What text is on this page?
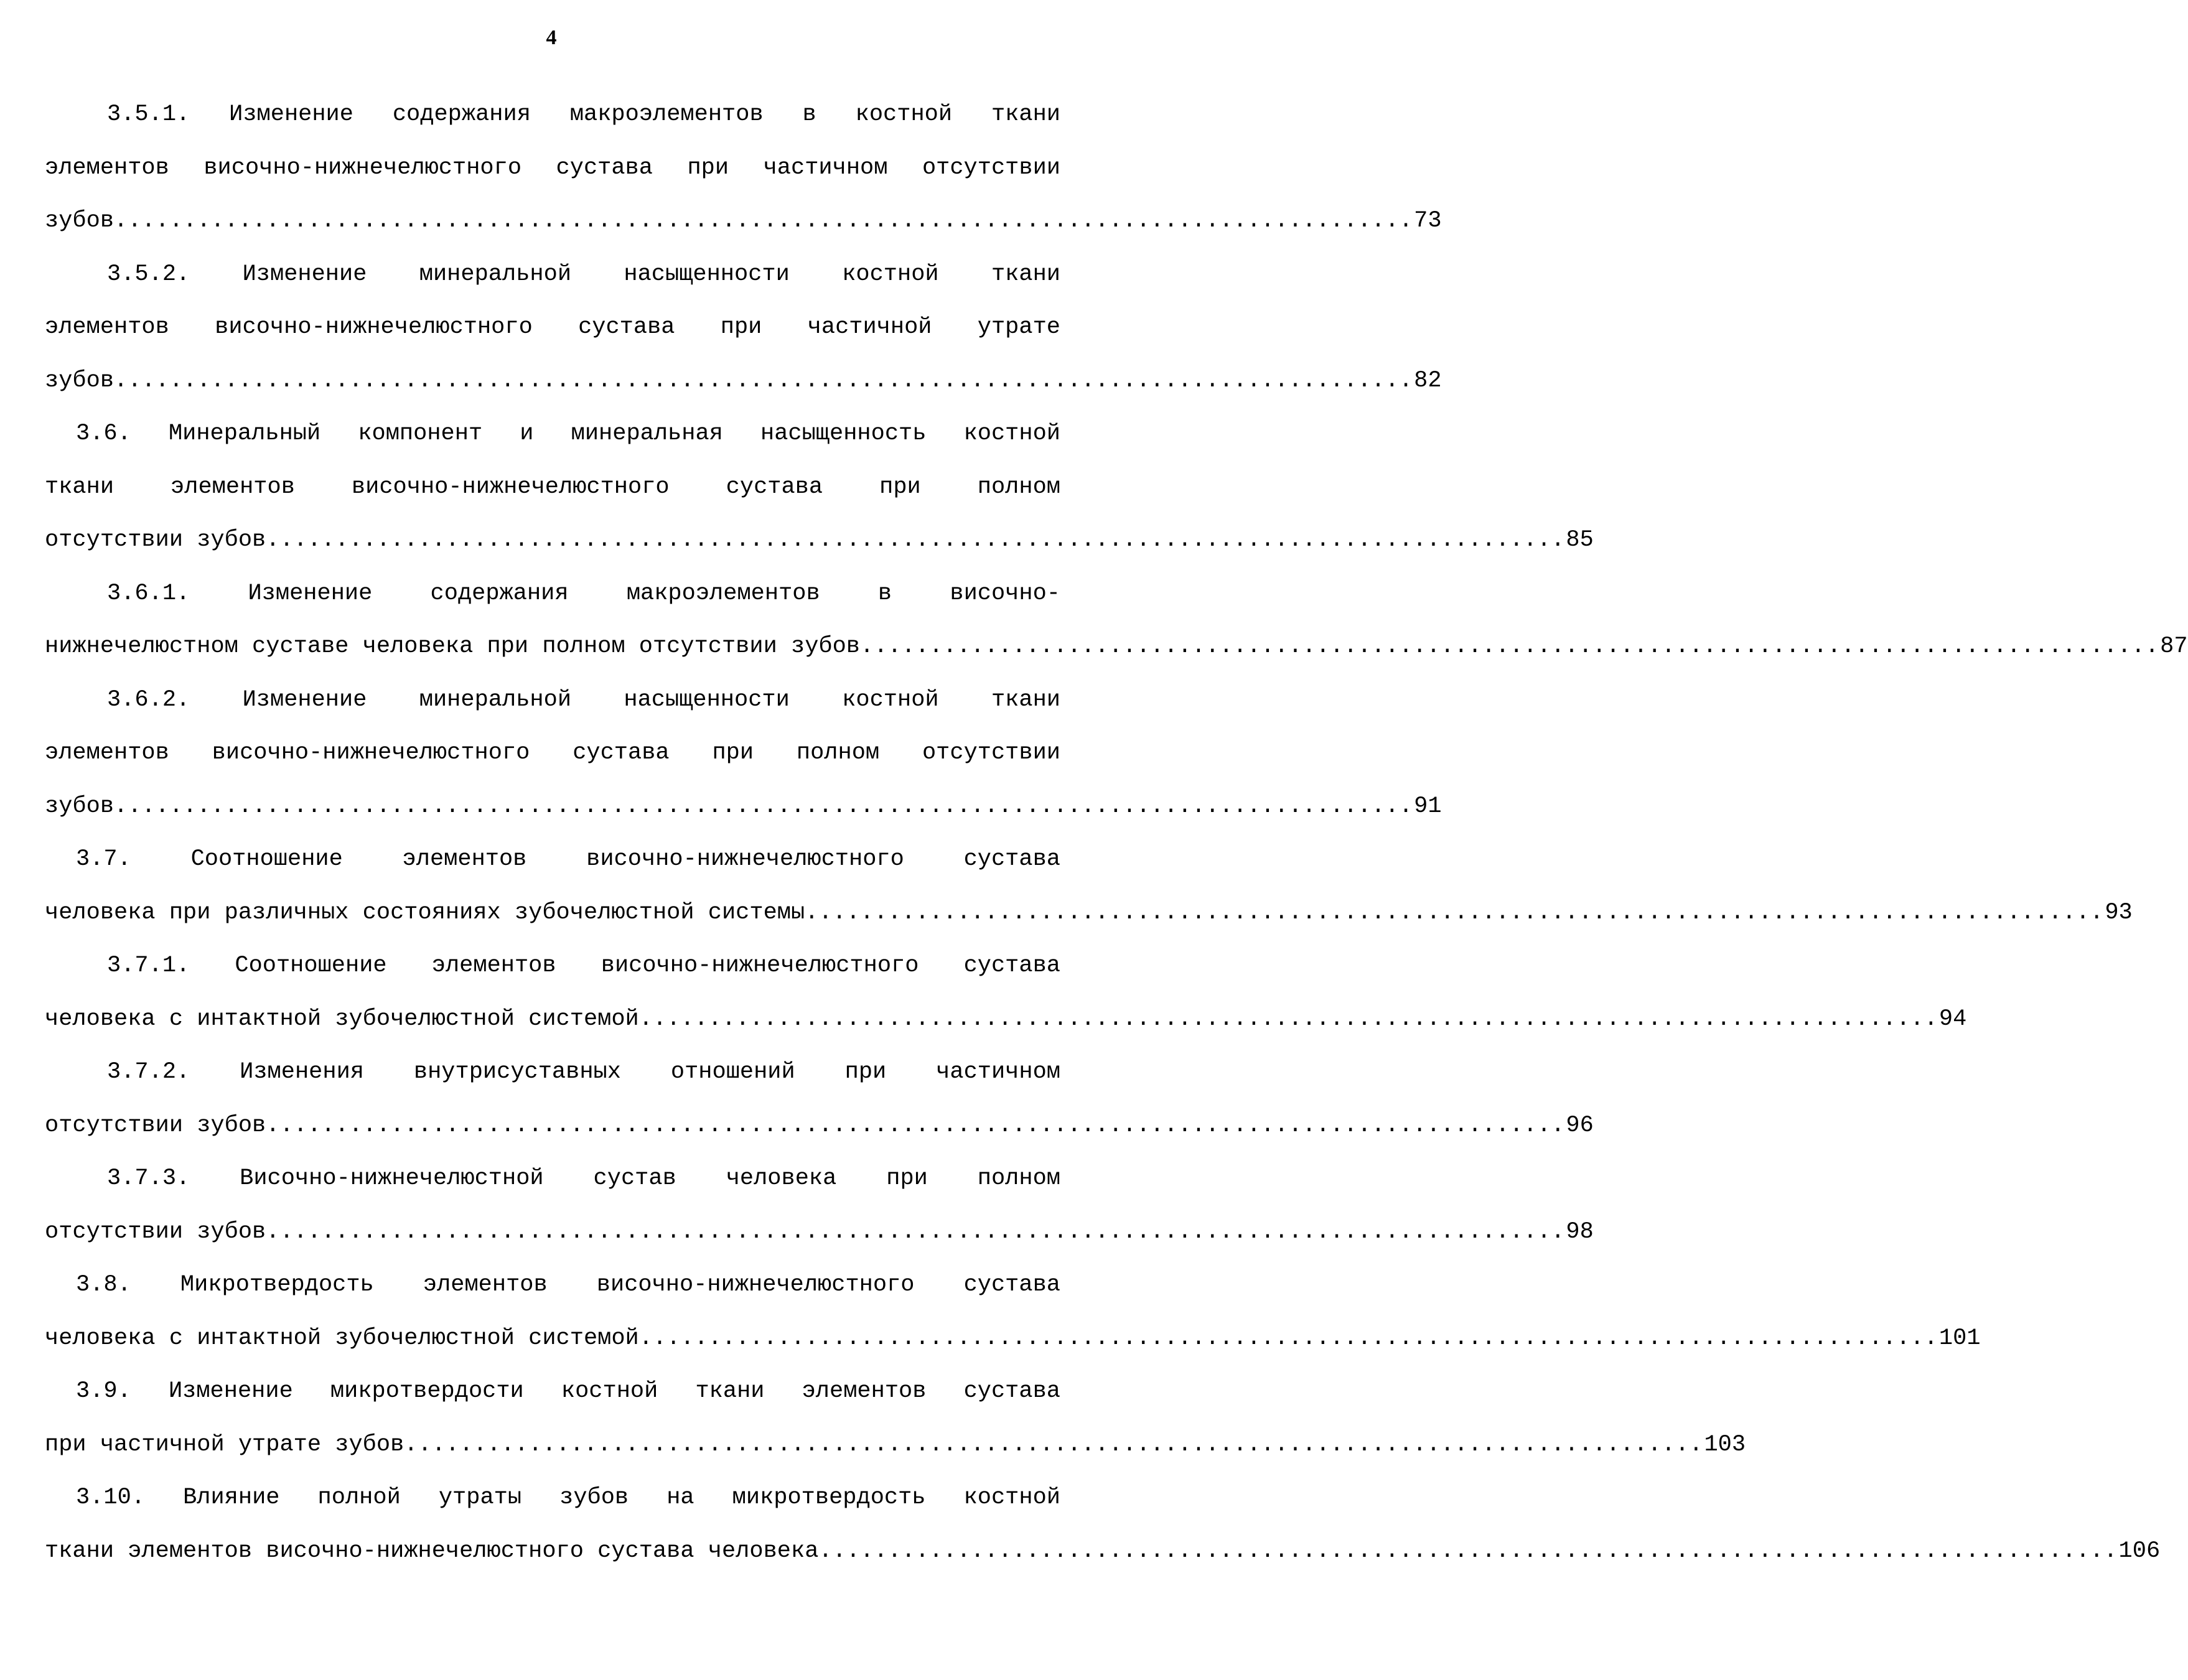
4
3.5.1. Изменение содержания макроэлементов в костной ткани
элементов височно-нижнечелюстного сустава при частичном отсутствии
зубов .............................................................................................. 73
3.5.2. Изменение минеральной насыщенности костной ткани
элементов височно-нижнечелюстного сустава при частичной утрате
зубов .............................................................................................. 82
3.6. Минеральный компонент и минеральная насыщенность костной
ткани элементов височно-нижнечелюстного сустава при полном
отсутствии зубов .............................................................................................. 85
3.6.1. Изменение содержания макроэлементов в височно-
нижнечелюстном суставе человека при полном отсутствии зубов .............................................................................................. 87
3.6.2. Изменение минеральной насыщенности костной ткани
элементов височно-нижнечелюстного сустава при полном отсутствии
зубов .............................................................................................. 91
3.7. Соотношение элементов височно-нижнечелюстного сустава
человека при различных состояниях зубочелюстной системы .............................................................................................. 93
3.7.1. Соотношение элементов височно-нижнечелюстного сустава
человека с интактной зубочелюстной системой .............................................................................................. 94
3.7.2. Изменения внутрисуставных отношений при частичном
отсутствии зубов .............................................................................................. 96
3.7.3. Височно-нижнечелюстной сустав человека при полном
отсутствии зубов .............................................................................................. 98
3.8. Микротвердость элементов височно-нижнечелюстного сустава
человека с интактной зубочелюстной системой .............................................................................................. 101
3.9. Изменение микротвердости костной ткани элементов сустава
при частичной утрате зубов .............................................................................................. 103
3.10. Влияние полной утраты зубов на микротвердость костной
ткани элементов височно-нижнечелюстного сустава человека .............................................................................................. 106
